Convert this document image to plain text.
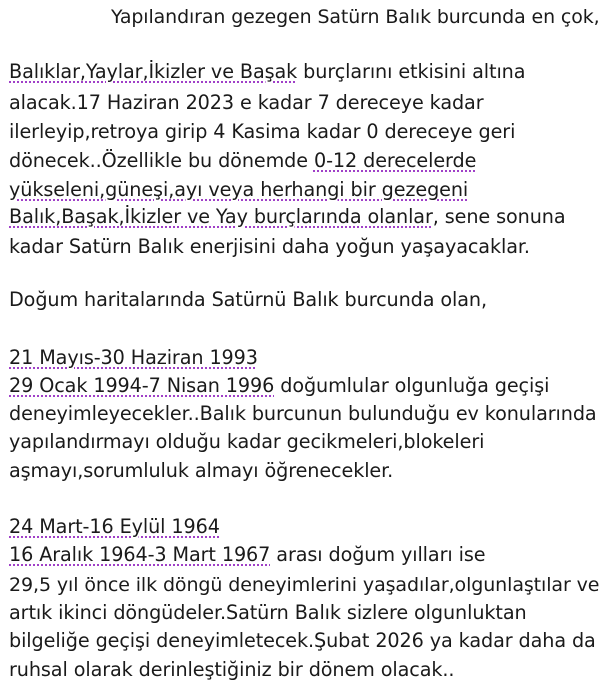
Yapılandıran gezegen Satürn Balık burcunda en çok,
Balıklar,Yaylar,İkizler ve Başak burçlarını etkisini altına
alacak.17 Haziran 2023 e kadar 7 dereceye kadar
ilerleyip,retroya girip 4 Kasima kadar 0 dereceye geri
dönecek..Özellikle bu dönemde 0-12 derecelerde
yükseleni,güneşi,ayı veya herhangi bir gezegeni
Balık,Başak,İkizler ve Yay burçlarında olanlar, sene sonuna
kadar Satürn Balık enerjisini daha yoğun yaşayacaklar.
Doğum haritalarında Satürnü Balık burcunda olan,
21 Mayıs-30 Haziran 1993
29 Ocak 1994-7 Nisan 1996 doğumlular olgunluğa geçişi
deneyimleyecekler..Balık burcunun bulunduğu ev konularında
yapılandırmayı olduğu kadar gecikmeleri,blokeleri
aşmayı,sorumluluk almayı öğrenecekler.
24 Mart-16 Eylül 1964
16 Aralık 1964-3 Mart 1967 arası doğum yılları ise
29,5 yıl önce ilk döngü deneyimlerini yaşadılar,olgunlaştılar ve
artık ikinci döngüdeler.Satürn Balık sizlere olgunluktan
bilgeliğe geçişi deneyimletecek.Şubat 2026 ya kadar daha da
ruhsal olarak derinleştiğiniz bir dönem olacak..
